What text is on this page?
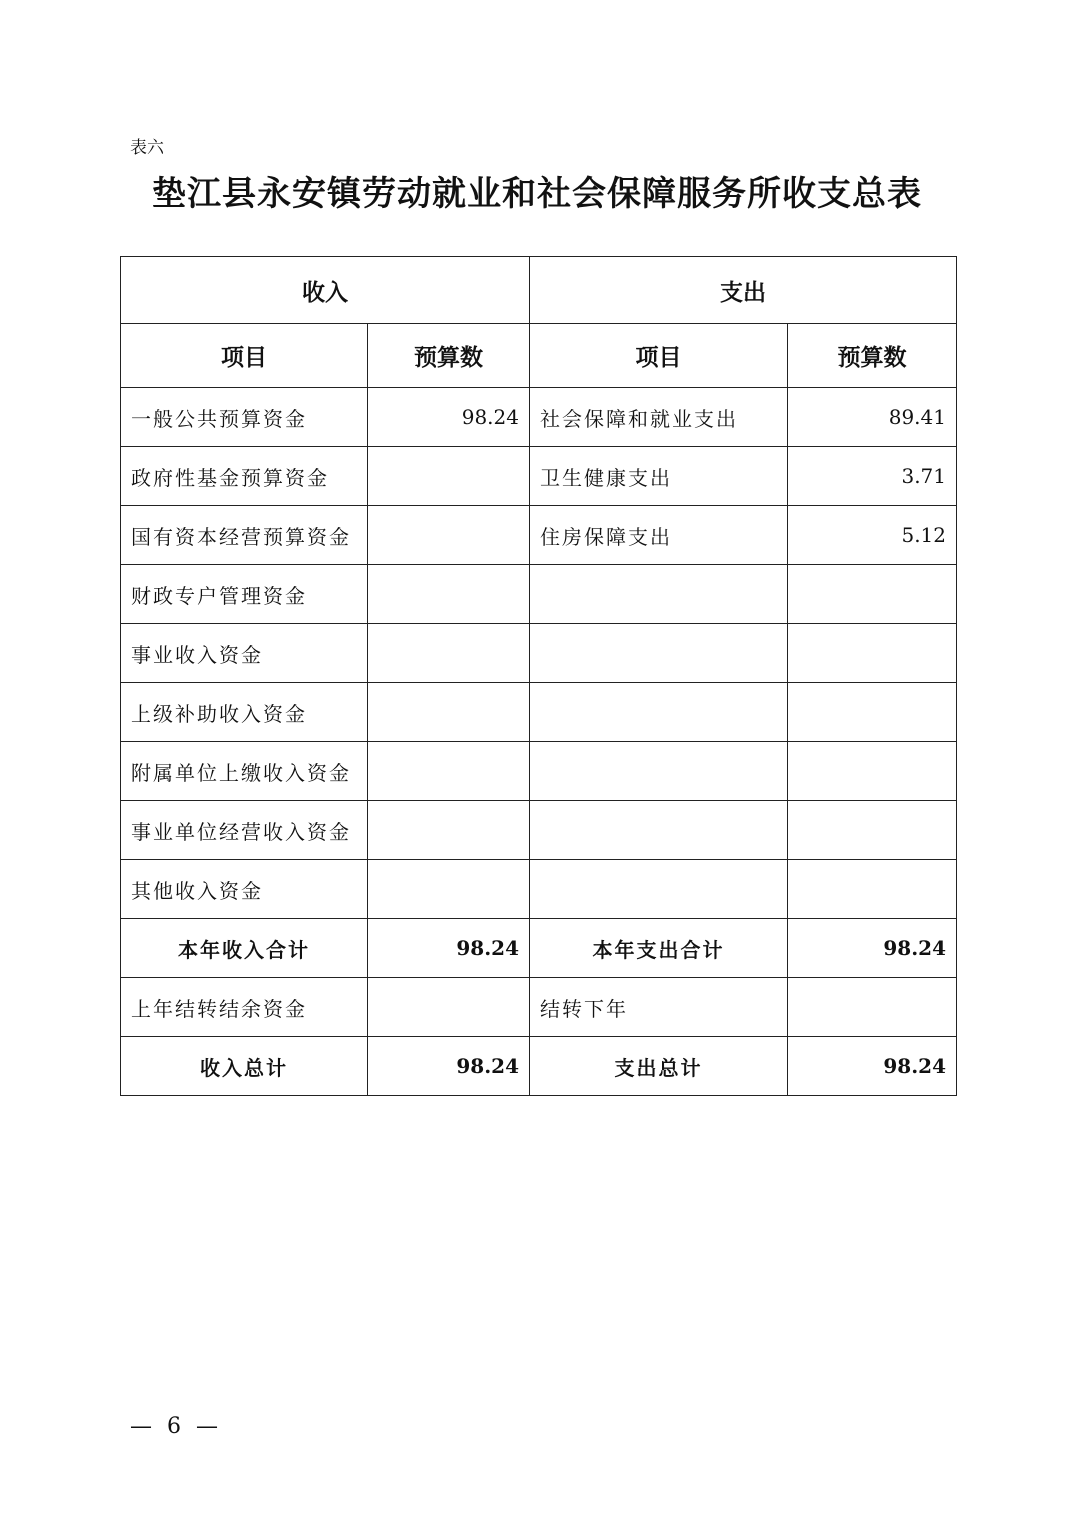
表六
垫江县永安镇劳动就业和社会保障服务所收支总表
收入		支出	
项目	预算数	项目	预算数
一般公共预算资金	98.24	社会保障和就业支出	89.41
政府性基金预算资金		卫生健康支出	3.71
国有资本经营预算资金		住房保障支出	5.12
财政专户管理资金			
事业收入资金			
上级补助收入资金			
附属单位上缴收入资金			
事业单位经营收入资金			
其他收入资金			
本年收入合计	98.24	本年支出合计	98.24
上年结转结余资金		结转下年	
收入总计	98.24	支出总计	98.24
— 6 —
